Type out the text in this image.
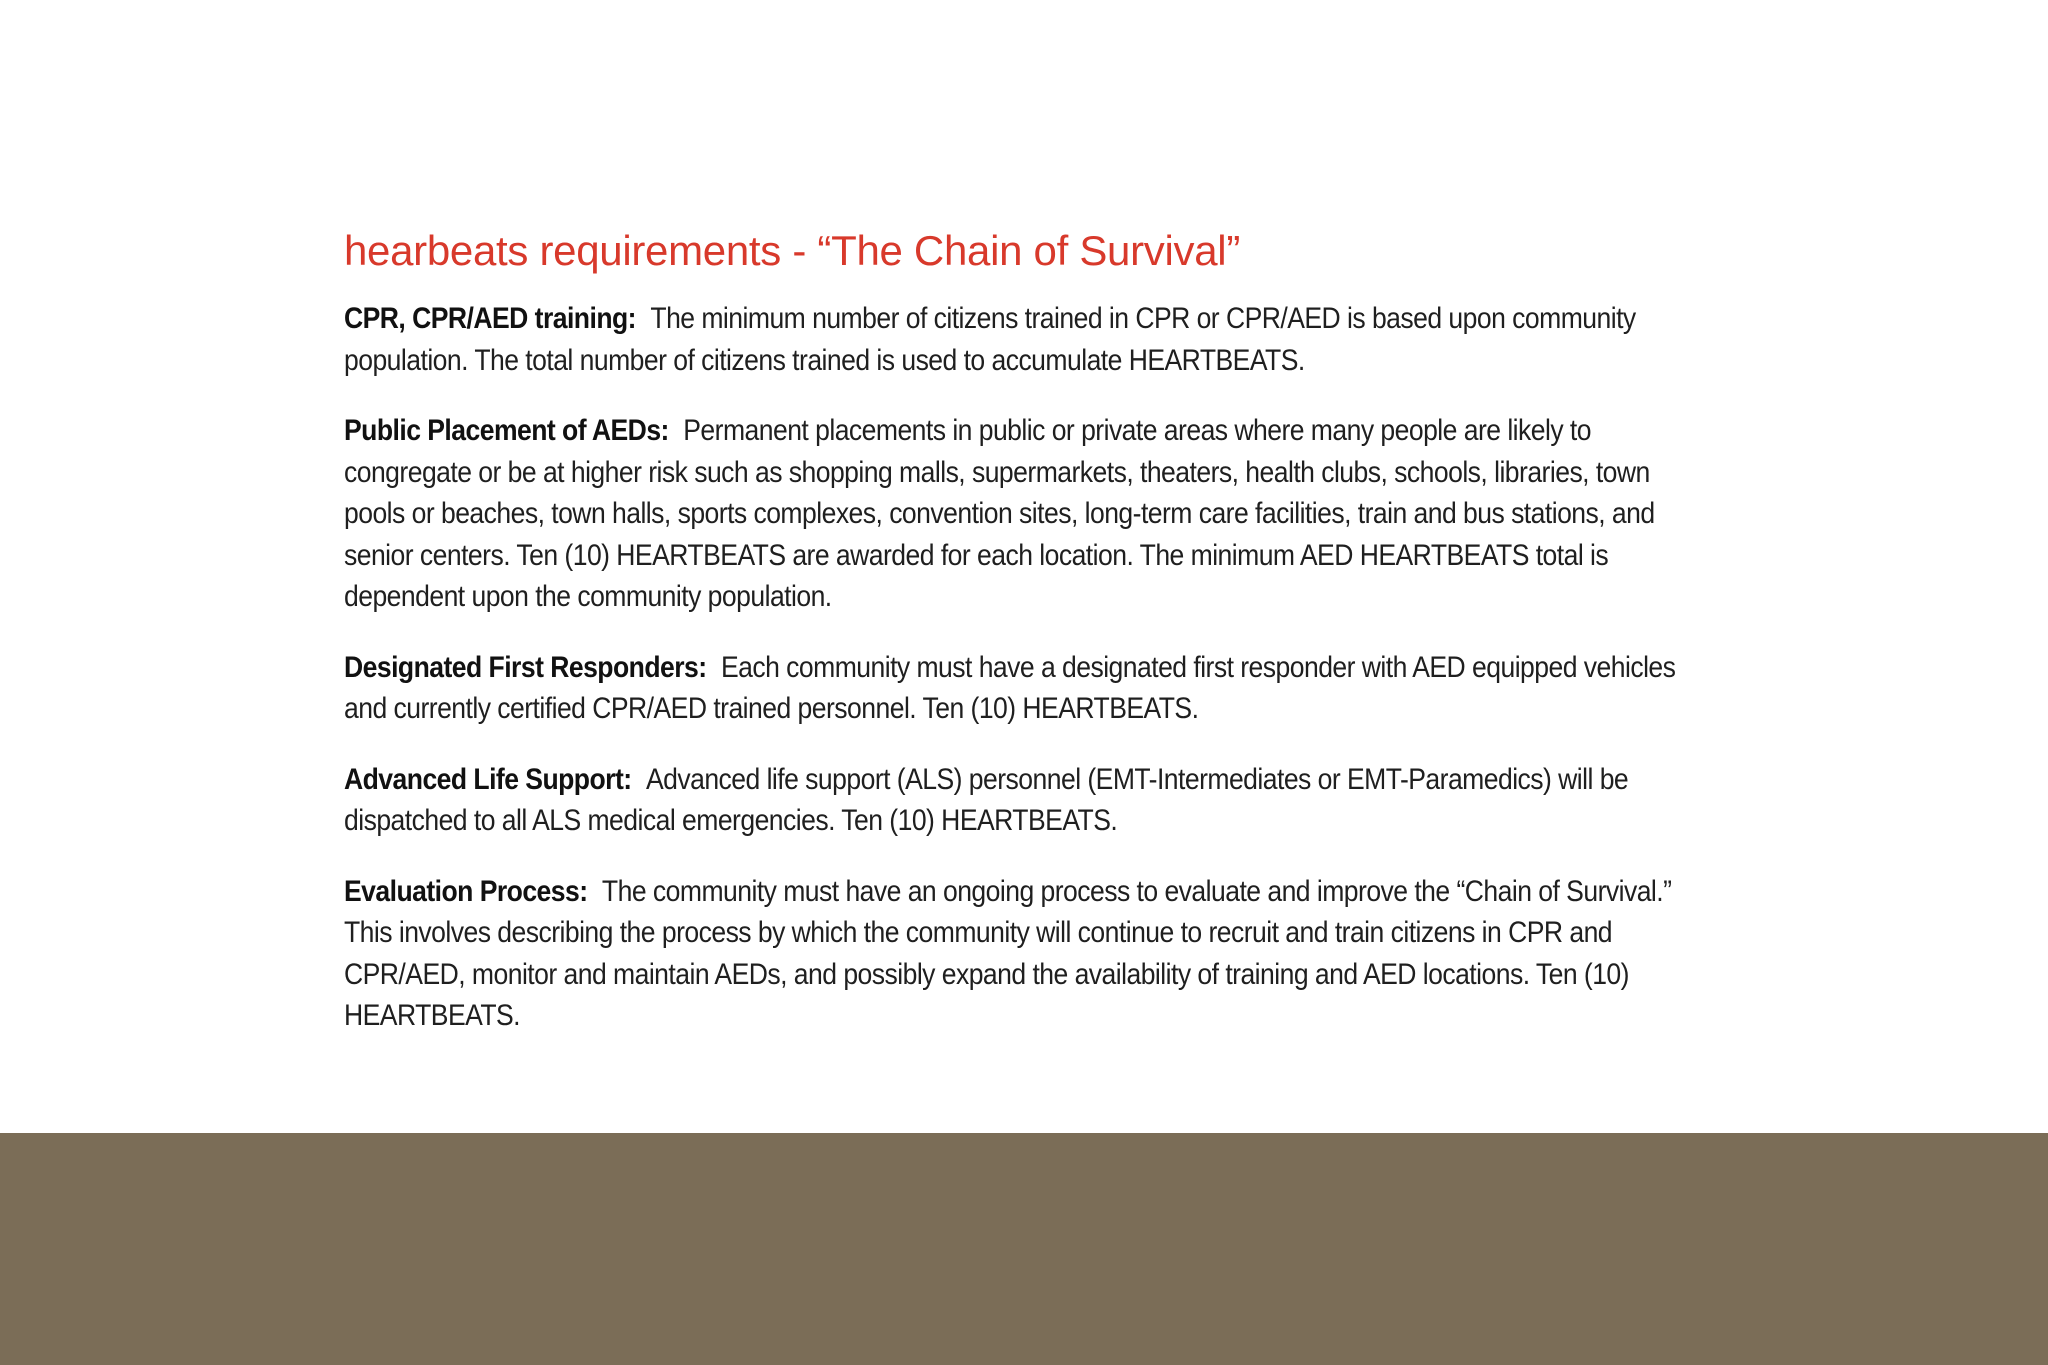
hearbeats requirements - “The Chain of Survival”

CPR, CPR/AED training: The minimum number of citizens trained in CPR or CPR/AED is based upon community population. The total number of citizens trained is used to accumulate HEARTBEATS.

Public Placement of AEDs: Permanent placements in public or private areas where many people are likely to congregate or be at higher risk such as shopping malls, supermarkets, theaters, health clubs, schools, libraries, town pools or beaches, town halls, sports complexes, convention sites, long-term care facilities, train and bus stations, and senior centers. Ten (10) HEARTBEATS are awarded for each location. The minimum AED HEARTBEATS total is dependent upon the community population.

Designated First Responders: Each community must have a designated first responder with AED equipped vehicles and currently certified CPR/AED trained personnel. Ten (10) HEARTBEATS.

Advanced Life Support: Advanced life support (ALS) personnel (EMT-Intermediates or EMT-Paramedics) will be dispatched to all ALS medical emergencies. Ten (10) HEARTBEATS.

Evaluation Process: The community must have an ongoing process to evaluate and improve the “Chain of Survival.” This involves describing the process by which the community will continue to recruit and train citizens in CPR and CPR/AED, monitor and maintain AEDs, and possibly expand the availability of training and AED locations. Ten (10) HEARTBEATS.
